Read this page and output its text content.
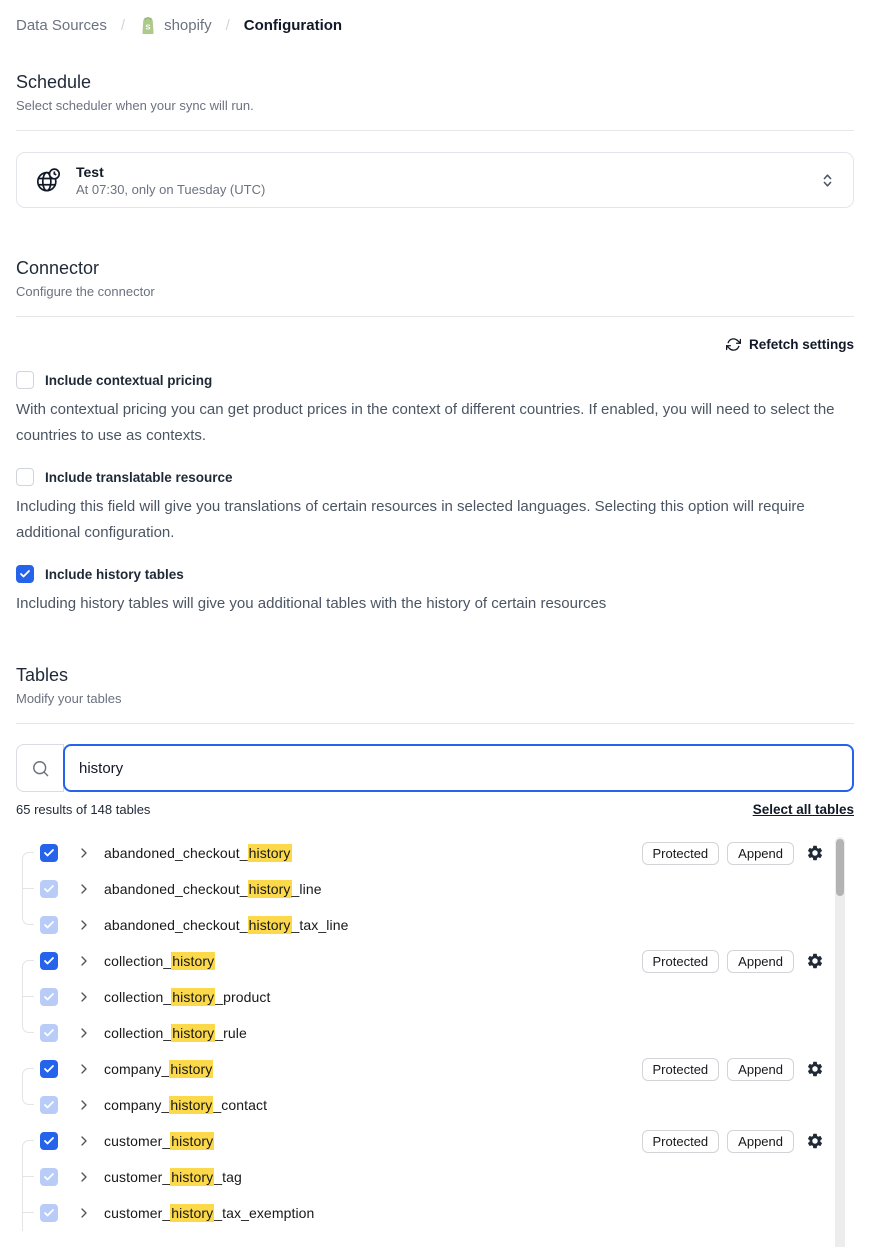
Data Sources / S shopify / Configuration
Schedule

Select scheduler when your sync will run.

Test
At 07:30, only on Tuesday (UTC)
Connector

Configure the connector

Refetch settings
Include contextual pricing

With contextual pricing you can get product prices in the context of different countries. If enabled, you will need to select the countries to use as contexts.

Include translatable resource

Including this field will give you translations of certain resources in selected languages. Selecting this option will require additional configuration.

Include history tables

Including history tables will give you additional tables with the history of certain resources

Tables

Modify your tables

history
65 results of 148 tables	Select all tables
abandoned_checkout_history	Protected	Append
abandoned_checkout_history_line
abandoned_checkout_history_tax_line
collection_history	Protected	Append
collection_history_product
collection_history_rule
company_history	Protected	Append
company_history_contact
customer_history	Protected	Append
customer_history_tag
customer_history_tax_exemption
